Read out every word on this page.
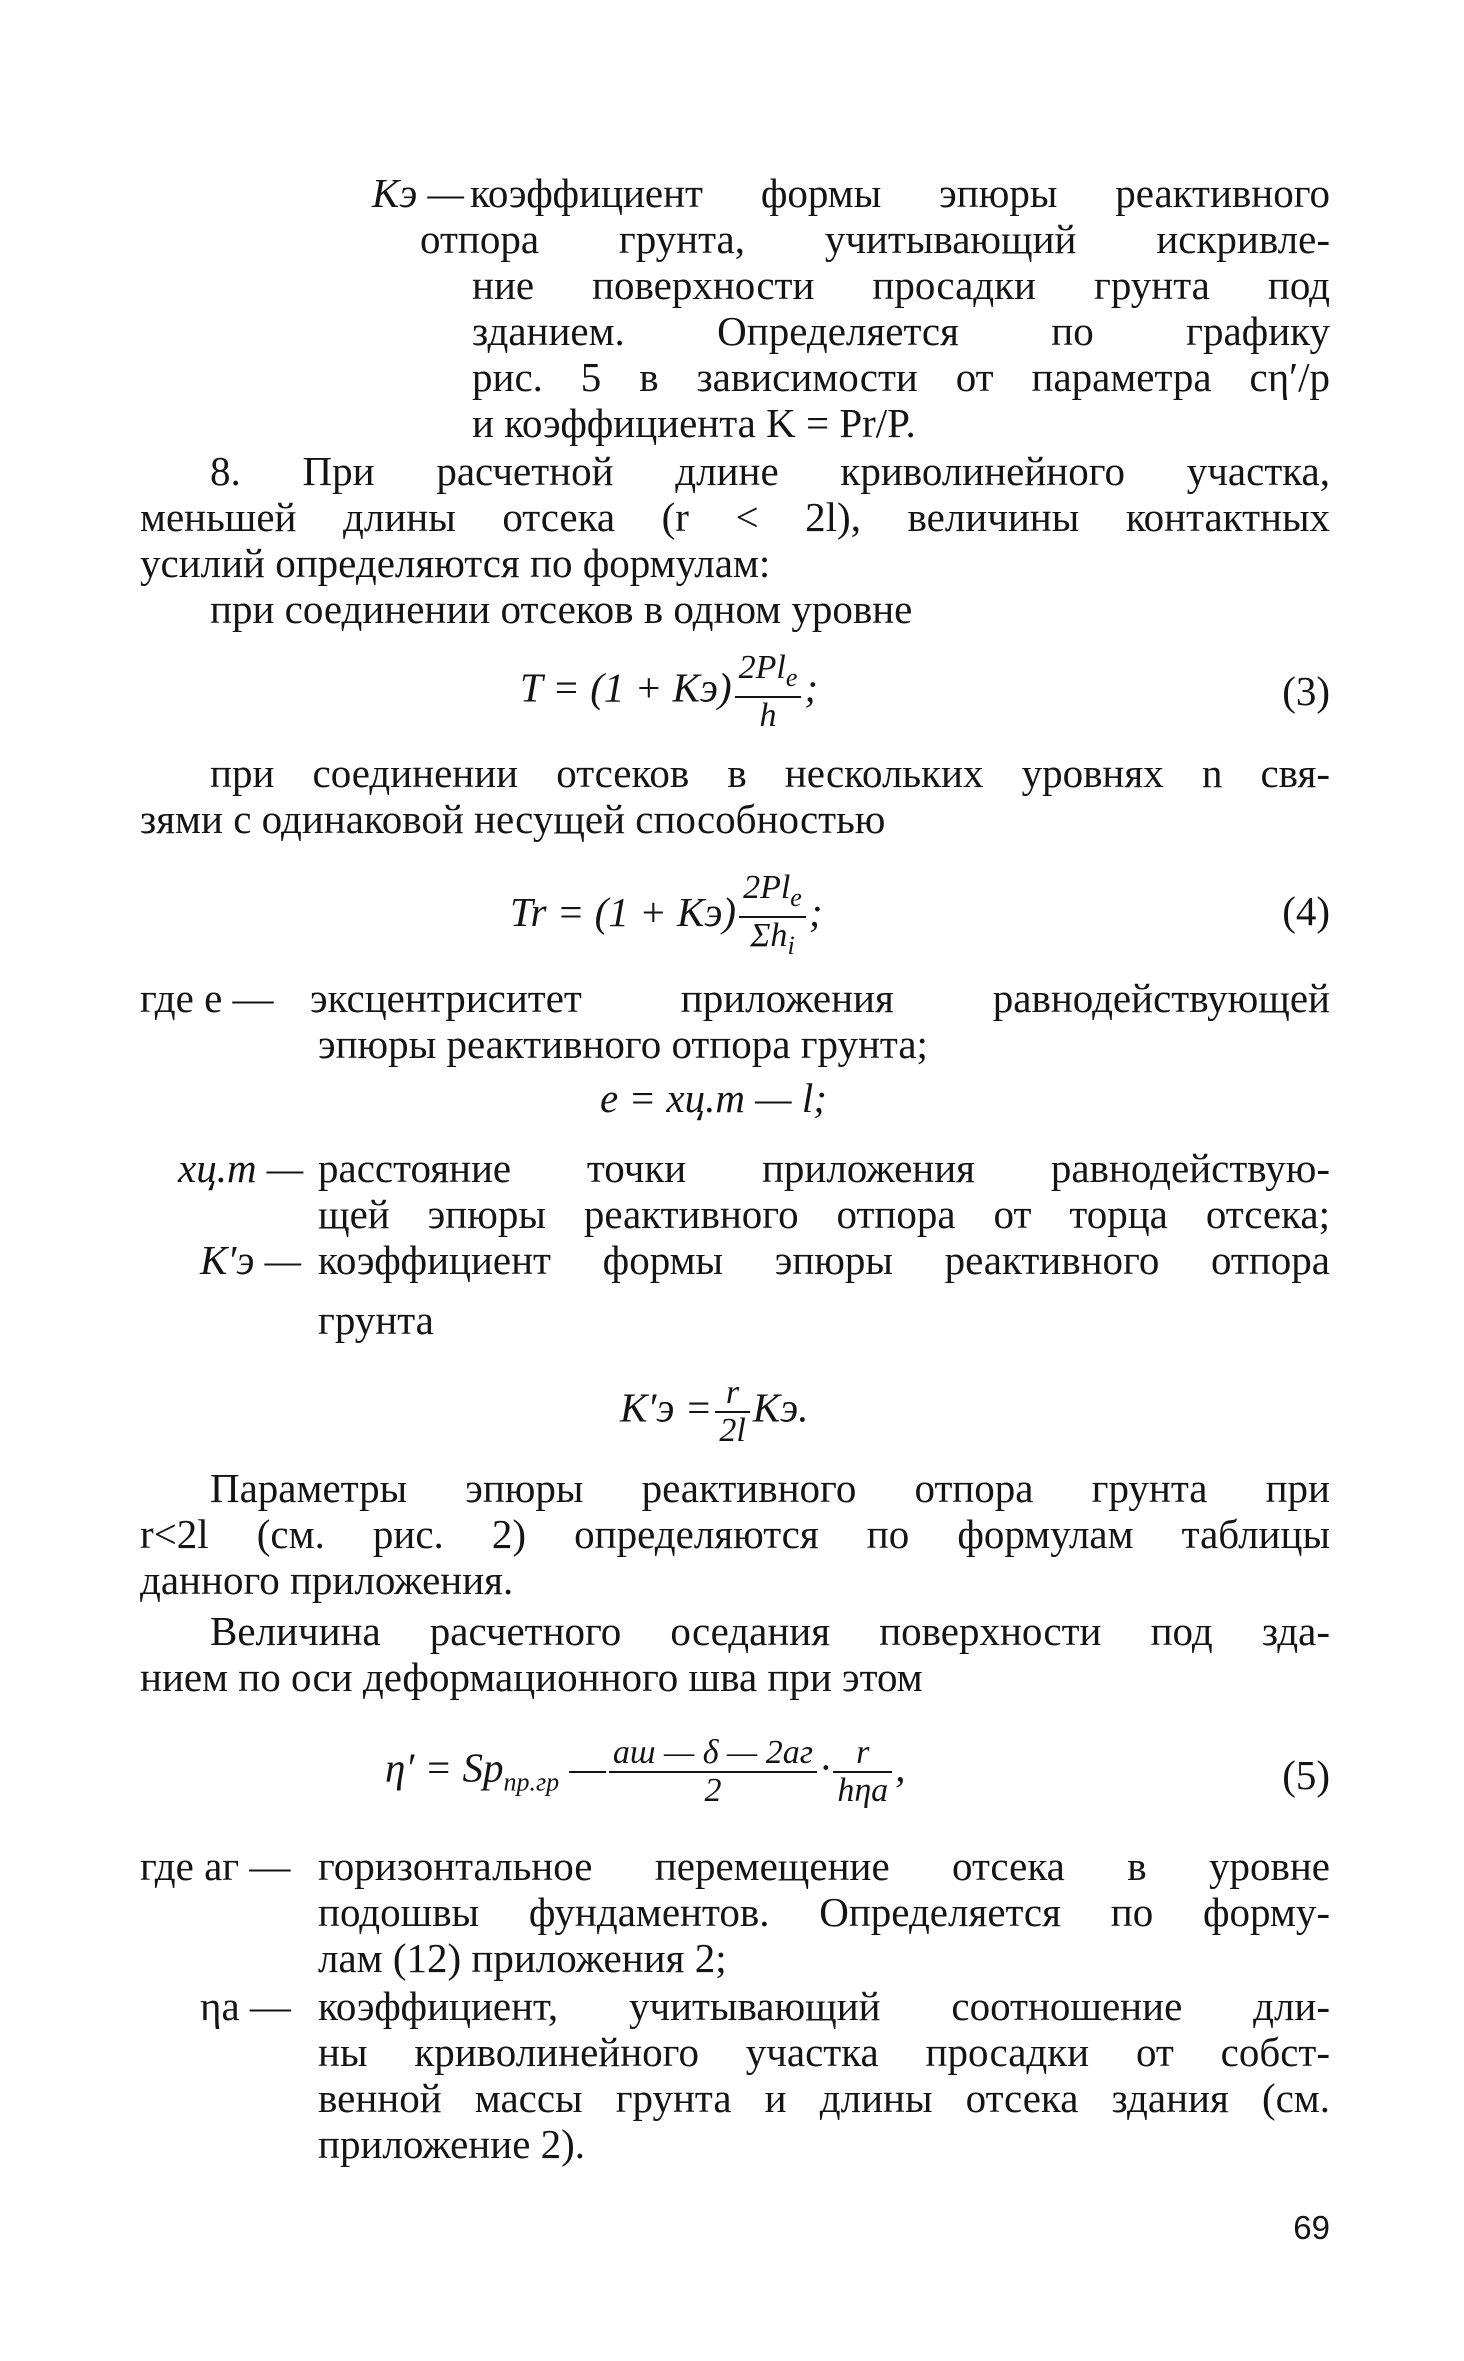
Kэ — коэффициент формы эпюры реактивного
отпора грунта, учитывающий искривле-
ние поверхности просадки грунта под
зданием. Определяется по графику
рис. 5 в зависимости от параметра cη′/p
и коэффициента K = Pr/P.
8. При расчетной длине криволинейного участка,
меньшей длины отсека (r < 2l), величины контактных
усилий определяются по формулам:
при соединении отсеков в одном уровне
$T = (1 + Kэ) \frac{2Pl_e}{h}$ ;	(3)
при соединении отсеков в нескольких уровнях n свя-
зями с одинаковой несущей способностью
$Tr = (1 + Kэ) \frac{2Pl_e}{\Sigma h_i}$ ;	(4)
где e — эксцентриситет приложения равнодействующей
эпюры реактивного отпора грунта;
e = xц.т — l;
xц.т — расстояние точки приложения равнодействую-
щей эпюры реактивного отпора от торца отсека;
K′э — коэффициент формы эпюры реактивного отпора
грунта
$K'э = \frac{r}{2l}$ Kэ.
Параметры эпюры реактивного отпора грунта при
r<2l (см. рис. 2) определяются по формулам таблицы
данного приложения.
Величина расчетного оседания поверхности под зда-
нием по оси деформационного шва при этом
$\eta' = Sр_{пр.гр}$ — $\frac{aш — \delta — 2aг}{2} \cdot \frac{r}{\text{hηa}}$ ,	(5)
где aг — горизонтальное перемещение отсека в уровне
подошвы фундаментов. Определяется по форму-
лам (12) приложения 2;
ηa — коэффициент, учитывающий соотношение дли-
ны криволинейного участка просадки от собст-
венной массы грунта и длины отсека здания (см.
приложение 2).
69
